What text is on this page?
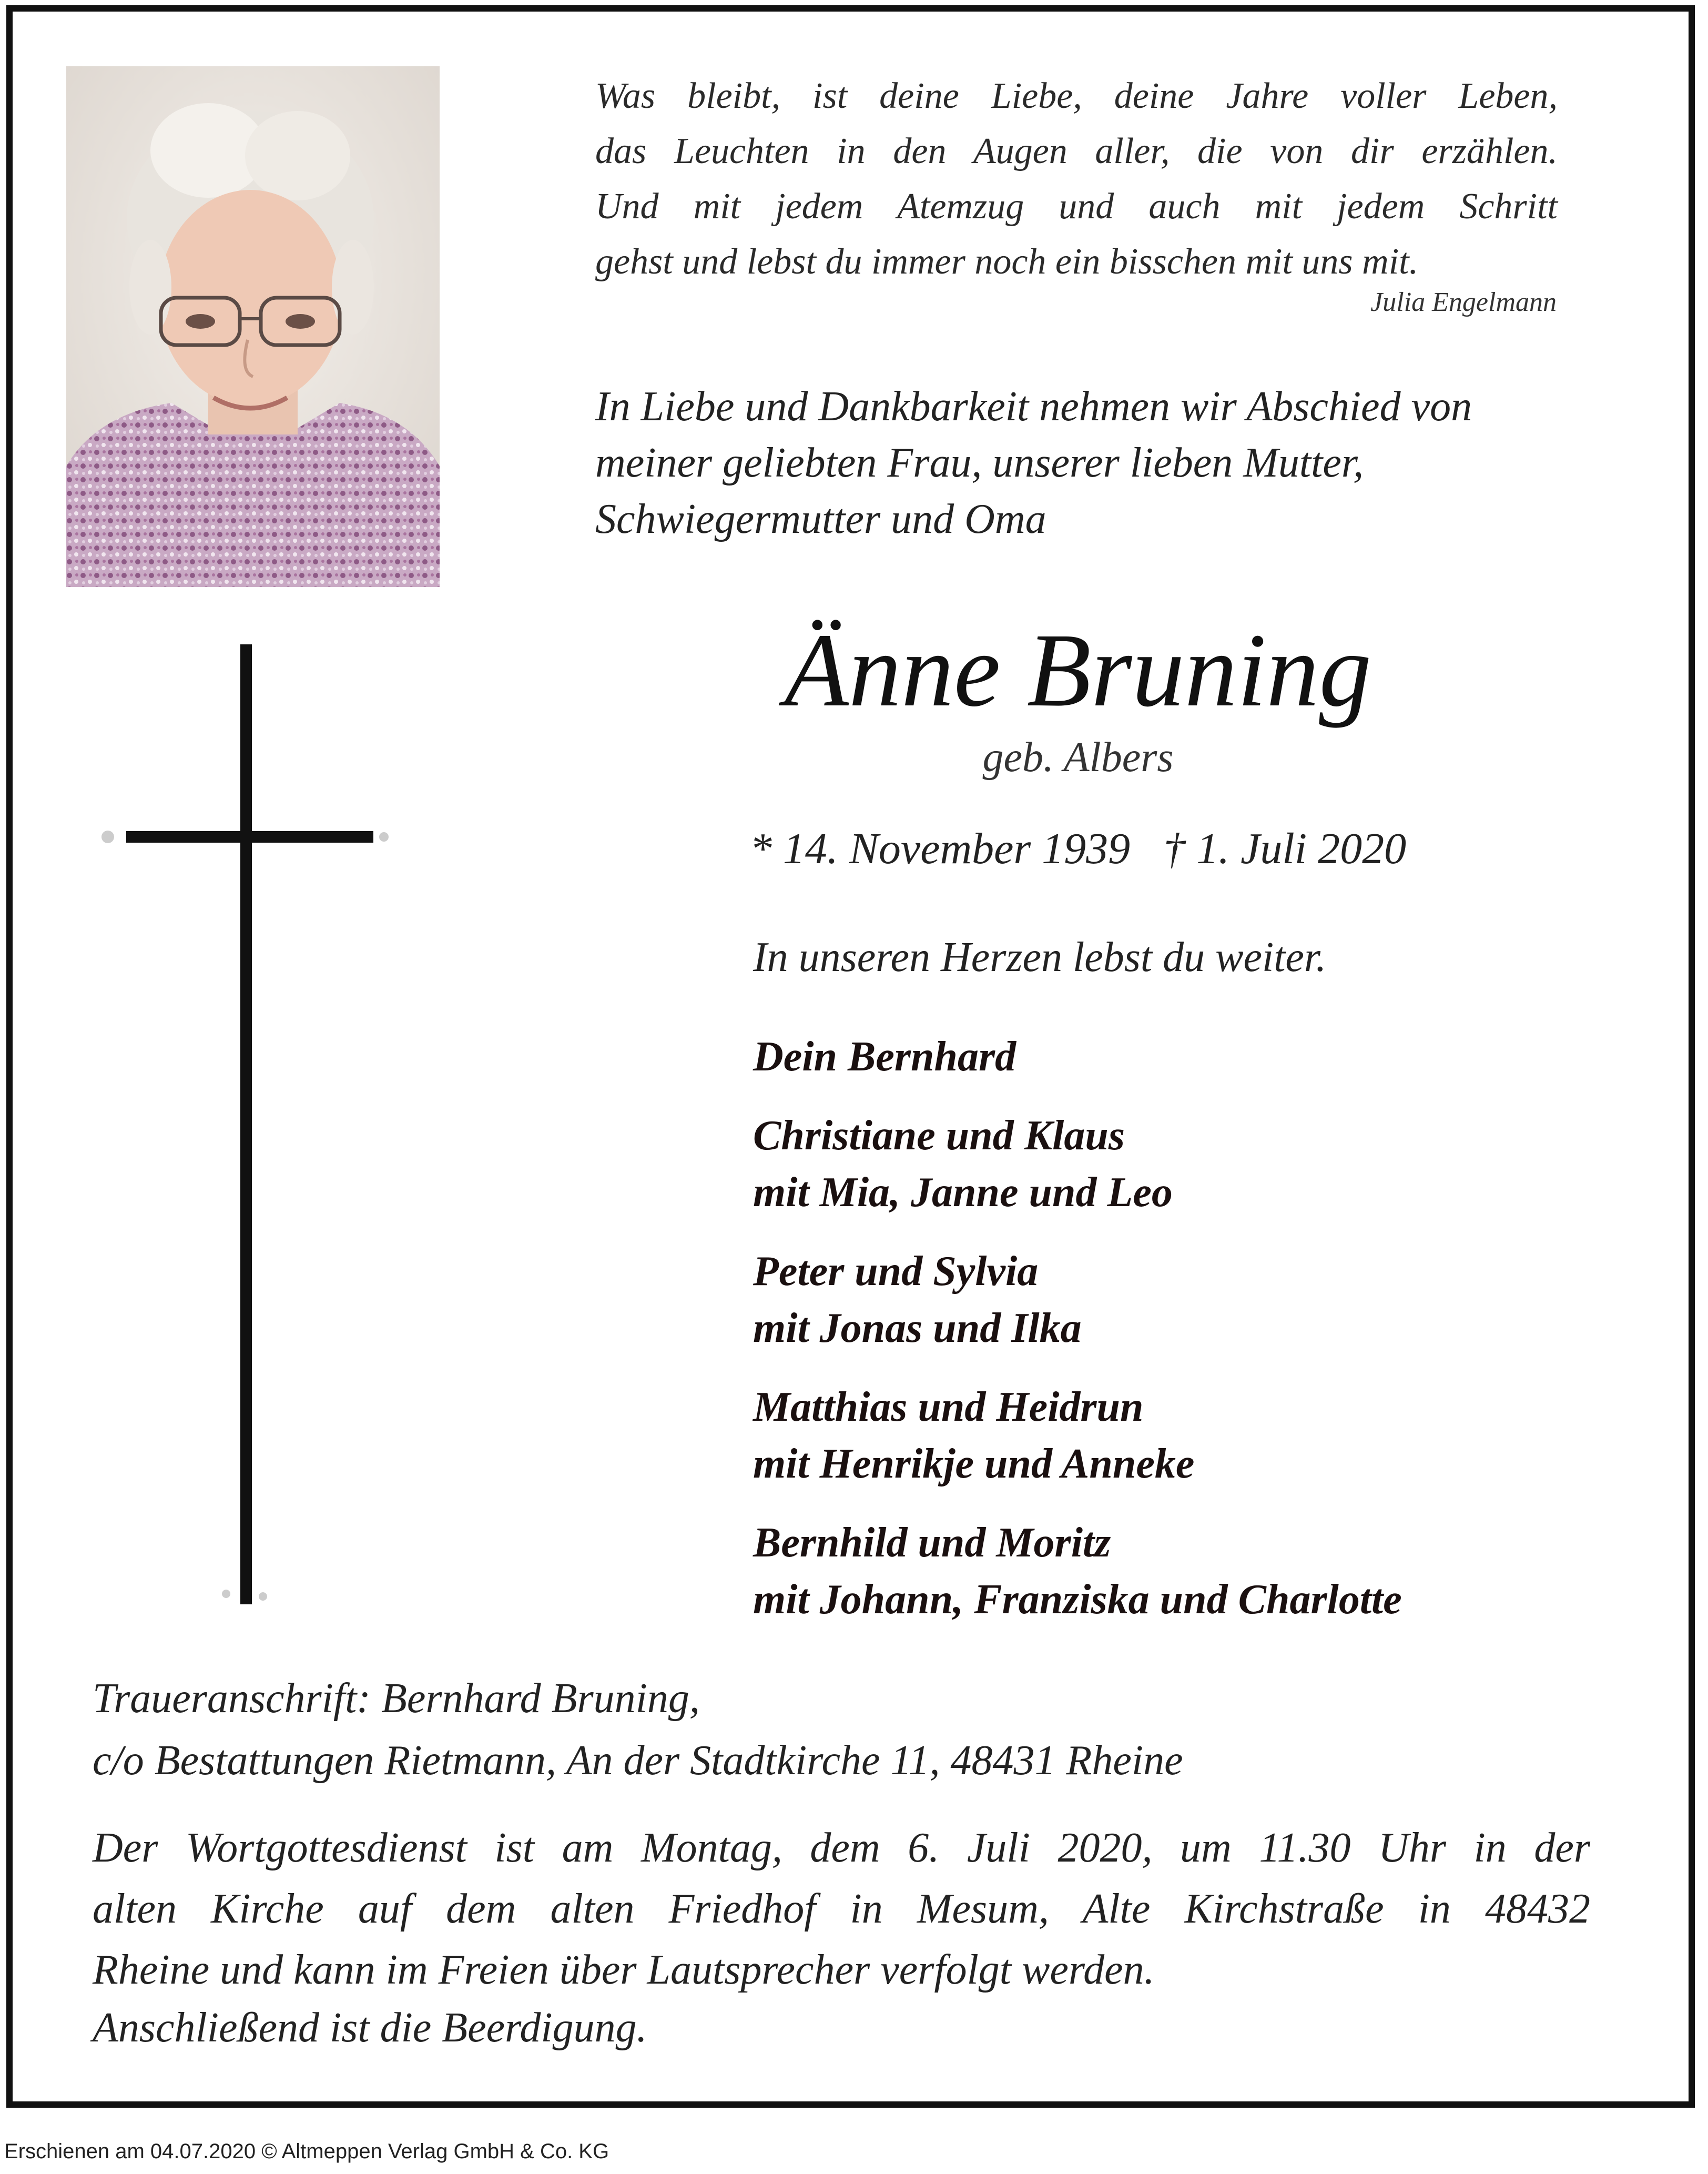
Was bleibt, ist deine Liebe, deine Jahre voller Leben,
das Leuchten in den Augen aller, die von dir erzählen.
Und mit jedem Atemzug und auch mit jedem Schritt
gehst und lebst du immer noch ein bisschen mit uns mit.
Julia Engelmann
In Liebe und Dankbarkeit nehmen wir Abschied von
meiner geliebten Frau, unserer lieben Mutter,
Schwiegermutter und Oma
Änne Bruning
geb. Albers
* 14. November 1939   † 1. Juli 2020
In unseren Herzen lebst du weiter.
Dein Bernhard
Christiane und Klaus
mit Mia, Janne und Leo
Peter und Sylvia
mit Jonas und Ilka
Matthias und Heidrun
mit Henrikje und Anneke
Bernhild und Moritz
mit Johann, Franziska und Charlotte
Traueranschrift: Bernhard Bruning,
c/o Bestattungen Rietmann, An der Stadtkirche 11, 48431 Rheine
Der Wortgottesdienst ist am Montag, dem 6. Juli 2020, um 11.30 Uhr in der
alten Kirche auf dem alten Friedhof in Mesum, Alte Kirchstraße in 48432
Rheine und kann im Freien über Lautsprecher verfolgt werden.
Anschließend ist die Beerdigung.
Erschienen am 04.07.2020 © Altmeppen Verlag GmbH & Co. KG
